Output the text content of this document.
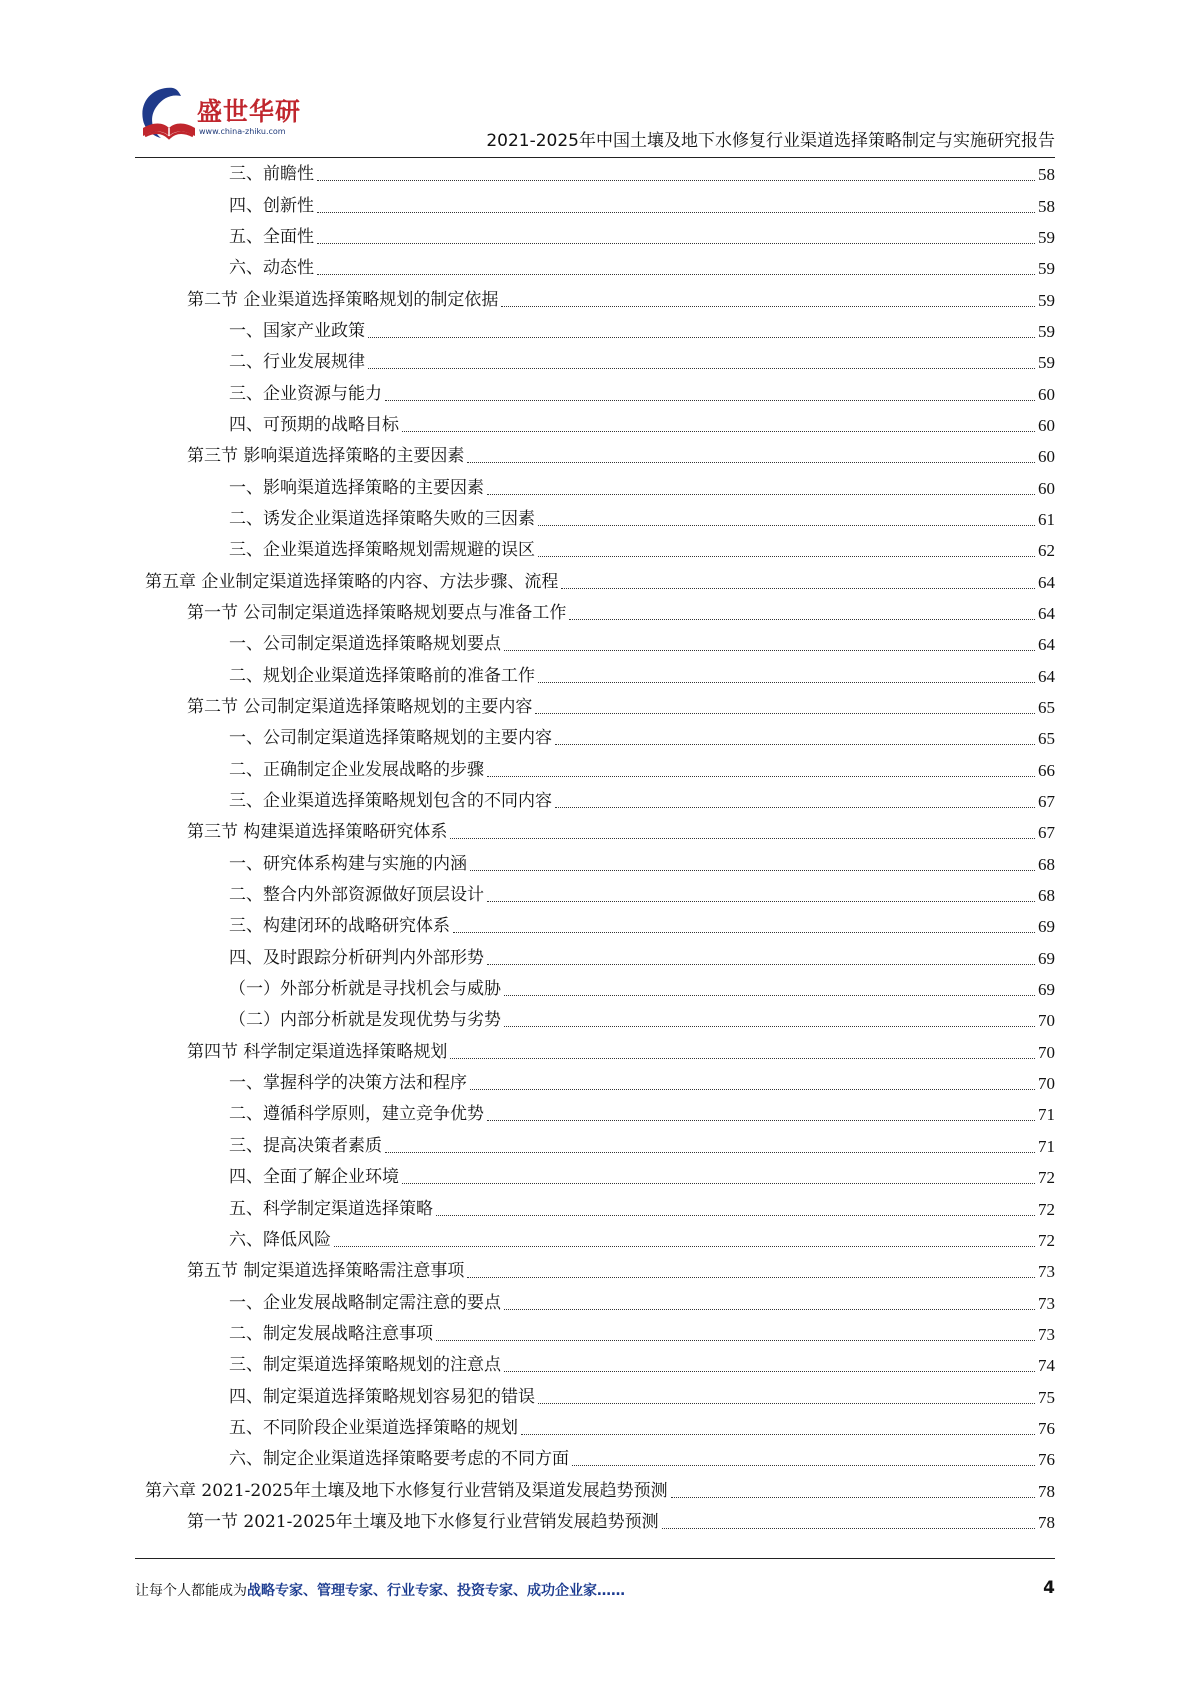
盛世华研
www.china-zhiku.com	2021-2025年中国土壤及地下水修复行业渠道选择策略制定与实施研究报告
三、前瞻性	58
四、创新性	58
五、全面性	59
六、动态性	59
第二节 企业渠道选择策略规划的制定依据	59
一、国家产业政策	59
二、行业发展规律	59
三、企业资源与能力	60
四、可预期的战略目标	60
第三节 影响渠道选择策略的主要因素	60
一、影响渠道选择策略的主要因素	60
二、诱发企业渠道选择策略失败的三因素	61
三、企业渠道选择策略规划需规避的误区	62
第五章 企业制定渠道选择策略的内容、方法步骤、流程	64
第一节 公司制定渠道选择策略规划要点与准备工作	64
一、公司制定渠道选择策略规划要点	64
二、规划企业渠道选择策略前的准备工作	64
第二节 公司制定渠道选择策略规划的主要内容	65
一、公司制定渠道选择策略规划的主要内容	65
二、正确制定企业发展战略的步骤	66
三、企业渠道选择策略规划包含的不同内容	67
第三节 构建渠道选择策略研究体系	67
一、研究体系构建与实施的内涵	68
二、整合内外部资源做好顶层设计	68
三、构建闭环的战略研究体系	69
四、及时跟踪分析研判内外部形势	69
（一）外部分析就是寻找机会与威胁	69
（二）内部分析就是发现优势与劣势	70
第四节 科学制定渠道选择策略规划	70
一、掌握科学的决策方法和程序	70
二、遵循科学原则，建立竞争优势	71
三、提高决策者素质	71
四、全面了解企业环境	72
五、科学制定渠道选择策略	72
六、降低风险	72
第五节 制定渠道选择策略需注意事项	73
一、企业发展战略制定需注意的要点	73
二、制定发展战略注意事项	73
三、制定渠道选择策略规划的注意点	74
四、制定渠道选择策略规划容易犯的错误	75
五、不同阶段企业渠道选择策略的规划	76
六、制定企业渠道选择策略要考虑的不同方面	76
第六章 2021-2025年土壤及地下水修复行业营销及渠道发展趋势预测	78
第一节 2021-2025年土壤及地下水修复行业营销发展趋势预测	78
让每个人都能成为战略专家、管理专家、行业专家、投资专家、成功企业家……	4
